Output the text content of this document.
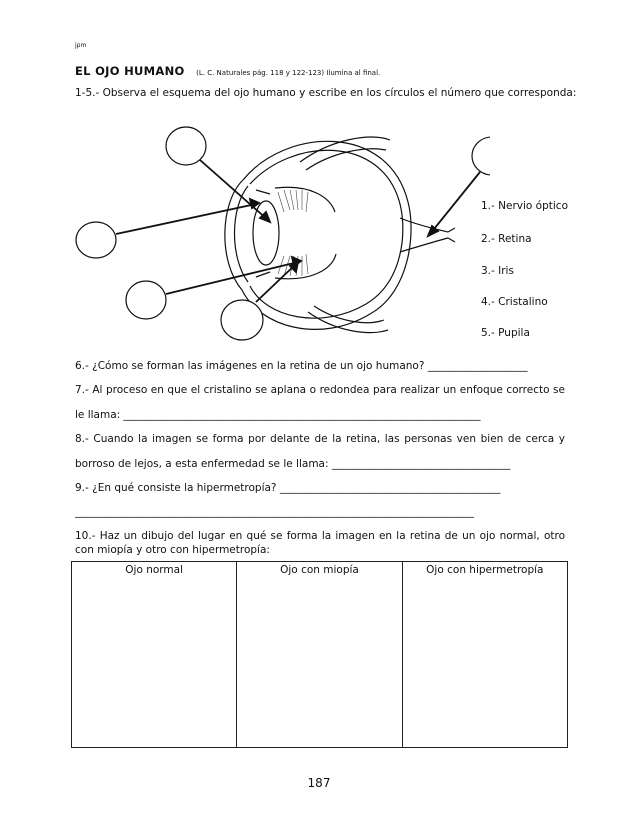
jpm
EL OJO HUMANO (L. C. Naturales pág. 118 y 122-123) Ilumina al final.
1-5.- Observa el esquema del ojo humano y escribe en los círculos el número que corresponda:
1.- Nervio óptico
2.- Retina
3.- Iris
4.- Cristalino
5.- Pupila
6.- ¿Cómo se forman las imágenes en la retina de un ojo humano? ___________________
7.- Al proceso en que el cristalino se aplana o redondea para realizar un enfoque correcto se
le llama: ____________________________________________________________________
8.- Cuando la imagen se forma por delante de la retina, las personas ven bien de cerca y
borroso de lejos, a esta enfermedad se le llama: __________________________________
9.- ¿En qué consiste la hipermetropía? __________________________________________
____________________________________________________________________________
10.- Haz un dibujo del lugar en qué se forma la imagen en la retina de un ojo normal, otro
con miopía y otro con hipermetropía:
Ojo normal	Ojo con miopía	Ojo con hipermetropía
187
